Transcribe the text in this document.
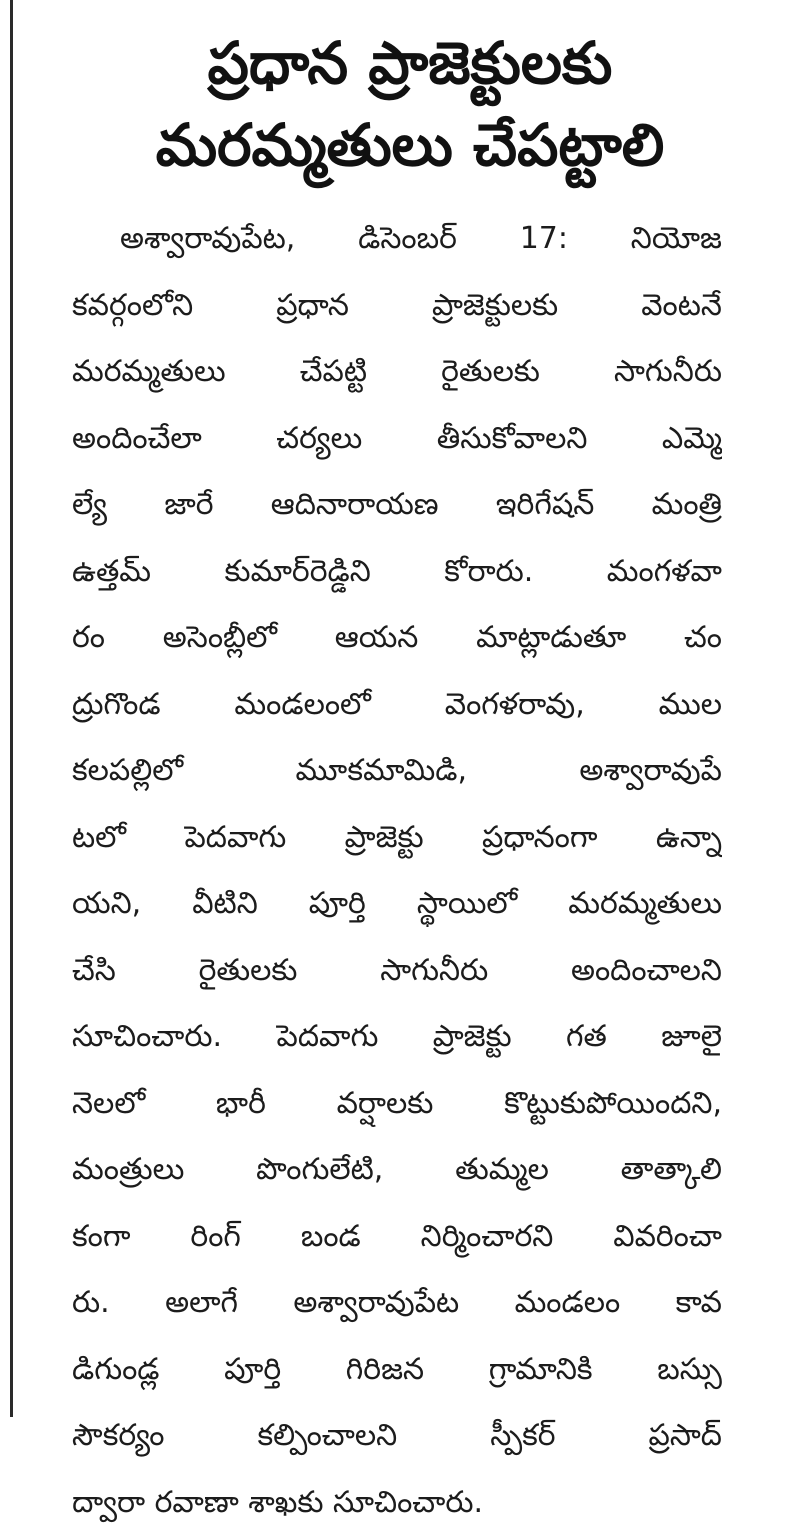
ప్రధాన ప్రాజెక్టులకు
మరమ్మతులు చేపట్టాలి
అశ్వారావుపేట, డిసెంబర్ 17: నియోజ
కవర్గంలోని ప్రధాన ప్రాజెక్టులకు వెంటనే
మరమ్మతులు చేపట్టి రైతులకు సాగునీరు
అందించేలా చర్యలు తీసుకోవాలని ఎమ్మె
ల్యే జారే ఆదినారాయణ ఇరిగేషన్ మంత్రి
ఉత్తమ్ కుమార్‌రెడ్డిని కోరారు. మంగళవా
రం అసెంబ్లీలో ఆయన మాట్లాడుతూ చం
ద్రుగొండ మండలంలో వెంగళరావు, ముల
కలపల్లిలో మూకమామిడి, అశ్వారావుపే
టలో పెదవాగు ప్రాజెక్టు ప్రధానంగా ఉన్నా
యని, వీటిని పూర్తి స్థాయిలో మరమ్మతులు
చేసి రైతులకు సాగునీరు అందించాలని
సూచించారు. పెదవాగు ప్రాజెక్టు గత జూలై
నెలలో భారీ వర్షాలకు కొట్టుకుపోయిందని,
మంత్రులు పొంగులేటి, తుమ్మల తాత్కాలి
కంగా రింగ్ బండ నిర్మించారని వివరించా
రు. అలాగే అశ్వారావుపేట మండలం కావ
డిగుండ్ల పూర్తి గిరిజన గ్రామానికి బస్సు
సౌకర్యం కల్పించాలని స్పీకర్ ప్రసాద్
ద్వారా రవాణా శాఖకు సూచించారు.
